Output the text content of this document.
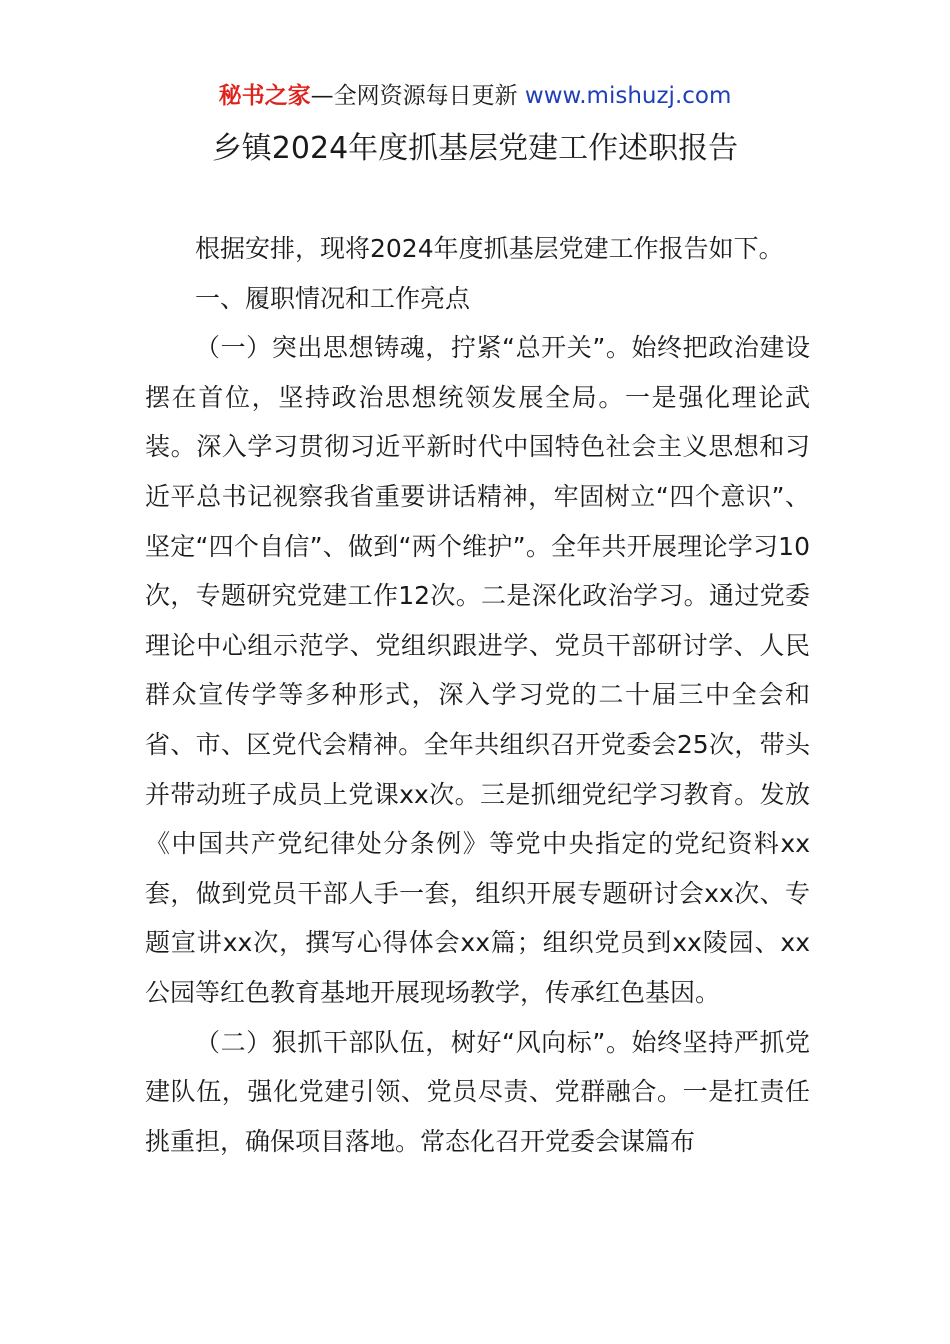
秘书之家—全网资源每日更新 www.mishuzj.com
乡镇2024年度抓基层党建工作述职报告

根据安排，现将2024年度抓基层党建工作报告如下。

一、履职情况和工作亮点

（一）突出思想铸魂，拧紧“总开关”。始终把政治建设摆在首位，坚持政治思想统领发展全局。一是强化理论武装。深入学习贯彻习近平新时代中国特色社会主义思想和习近平总书记视察我省重要讲话精神，牢固树立“四个意识”、坚定“四个自信”、做到“两个维护”。全年共开展理论学习10次，专题研究党建工作12次。二是深化政治学习。通过党委理论中心组示范学、党组织跟进学、党员干部研讨学、人民群众宣传学等多种形式，深入学习党的二十届三中全会和省、市、区党代会精神。全年共组织召开党委会25次，带头并带动班子成员上党课xx次。三是抓细党纪学习教育。发放《中国共产党纪律处分条例》等党中央指定的党纪资料xx套，做到党员干部人手一套，组织开展专题研讨会xx次、专题宣讲xx次，撰写心得体会xx篇；组织党员到xx陵园、xx公园等红色教育基地开展现场教学，传承红色基因。

（二）狠抓干部队伍，树好“风向标”。始终坚持严抓党建队伍，强化党建引领、党员尽责、党群融合。一是扛责任挑重担，确保项目落地。常态化召开党委会谋篇布
